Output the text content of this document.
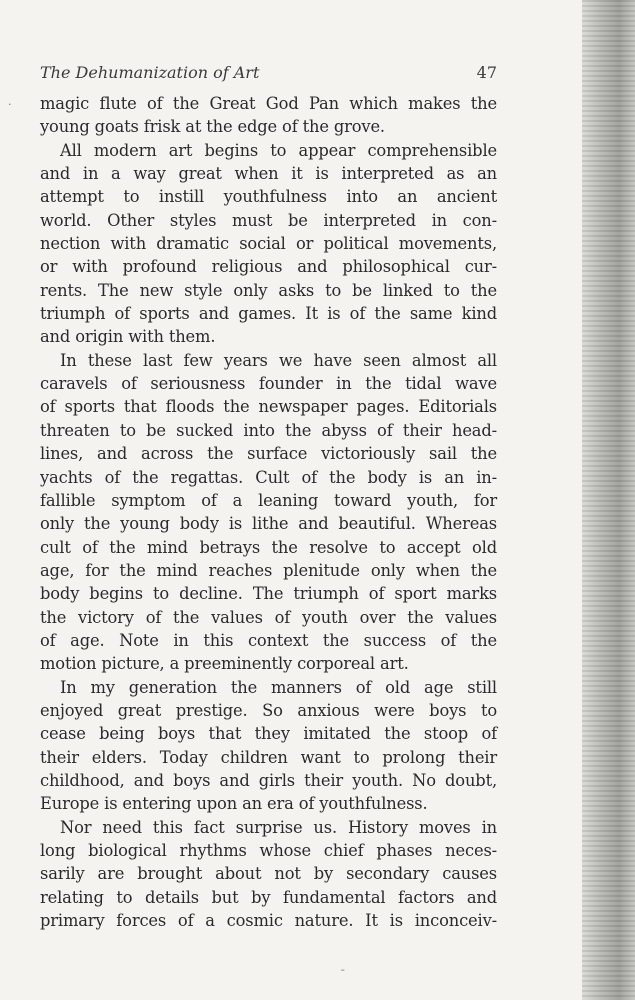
The Dehumanization of Art	47
magic flute of the Great God Pan which makes the
young goats frisk at the edge of the grove.
All modern art begins to appear comprehensible
and in a way great when it is interpreted as an
attempt to instill youthfulness into an ancient
world. Other styles must be interpreted in con-
nection with dramatic social or political movements,
or with profound religious and philosophical cur-
rents. The new style only asks to be linked to the
triumph of sports and games. It is of the same kind
and origin with them.
In these last few years we have seen almost all
caravels of seriousness founder in the tidal wave
of sports that floods the newspaper pages. Editorials
threaten to be sucked into the abyss of their head-
lines, and across the surface victoriously sail the
yachts of the regattas. Cult of the body is an in-
fallible symptom of a leaning toward youth, for
only the young body is lithe and beautiful. Whereas
cult of the mind betrays the resolve to accept old
age, for the mind reaches plenitude only when the
body begins to decline. The triumph of sport marks
the victory of the values of youth over the values
of age. Note in this context the success of the
motion picture, a preeminently corporeal art.
In my generation the manners of old age still
enjoyed great prestige. So anxious were boys to
cease being boys that they imitated the stoop of
their elders. Today children want to prolong their
childhood, and boys and girls their youth. No doubt,
Europe is entering upon an era of youthfulness.
Nor need this fact surprise us. History moves in
long biological rhythms whose chief phases neces-
sarily are brought about not by secondary causes
relating to details but by fundamental factors and
primary forces of a cosmic nature. It is inconceiv-
·
ˉ
